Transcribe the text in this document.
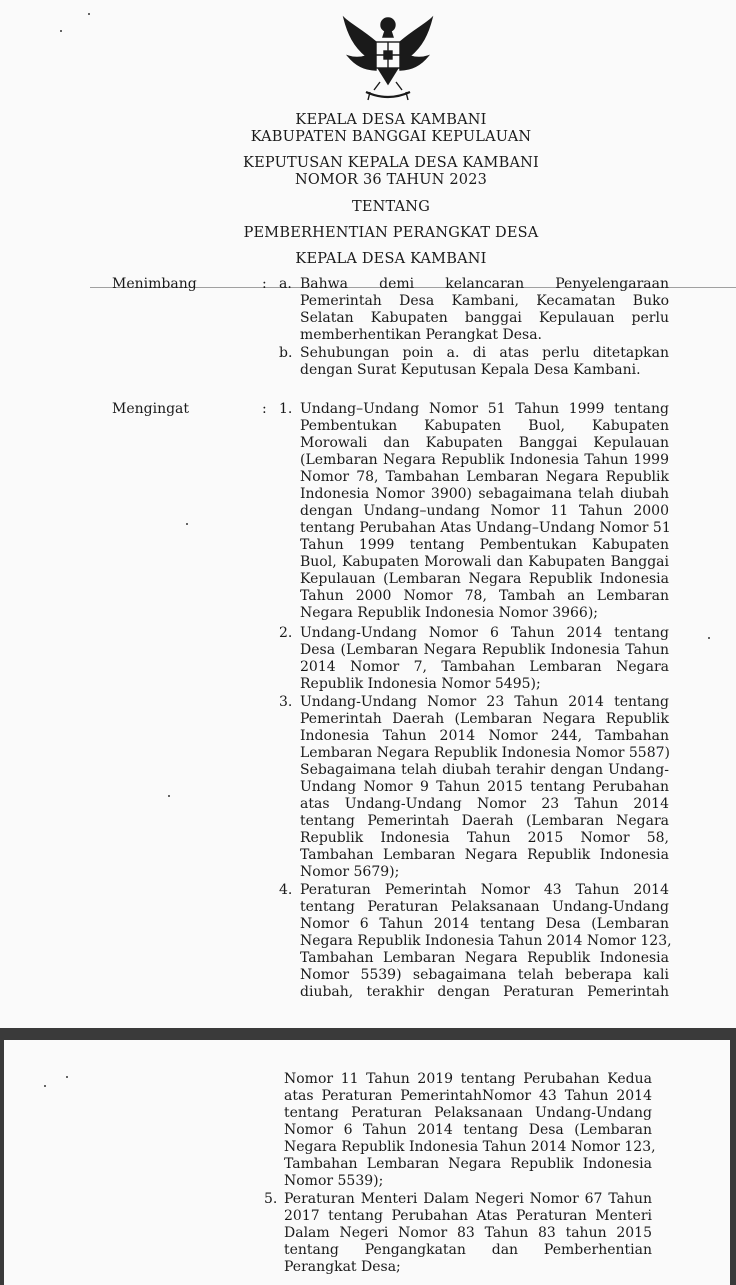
KEPALA DESA KAMBANI
KABUPATEN BANGGAI KEPULAUAN
KEPUTUSAN KEPALA DESA KAMBANI
NOMOR 36 TAHUN 2023
TENTANG
PEMBERHENTIAN PERANGKAT DESA
KEPALA DESA KAMBANI
Menimbang	: a. Bahwa demi kelancaran Penyelengaraan
Pemerintah Desa Kambani, Kecamatan Buko
Selatan Kabupaten banggai Kepulauan perlu
memberhentikan Perangkat Desa.
b. Sehubungan poin a. di atas perlu ditetapkan
dengan Surat Keputusan Kepala Desa Kambani.
Mengingat	: 1. Undang–Undang Nomor 51 Tahun 1999 tentang
Pembentukan Kabupaten Buol, Kabupaten
Morowali dan Kabupaten Banggai Kepulauan
(Lembaran Negara Republik Indonesia Tahun 1999
Nomor 78, Tambahan Lembaran Negara Republik
Indonesia Nomor 3900) sebagaimana telah diubah
dengan Undang–undang Nomor 11 Tahun 2000
tentang Perubahan Atas Undang–Undang Nomor 51
Tahun 1999 tentang Pembentukan Kabupaten
Buol, Kabupaten Morowali dan Kabupaten Banggai
Kepulauan (Lembaran Negara Republik Indonesia
Tahun 2000 Nomor 78, Tambah an Lembaran
Negara Republik Indonesia Nomor 3966);
2. Undang-Undang Nomor 6 Tahun 2014 tentang
Desa (Lembaran Negara Republik Indonesia Tahun
2014 Nomor 7, Tambahan Lembaran Negara
Republik Indonesia Nomor 5495);
3. Undang-Undang Nomor 23 Tahun 2014 tentang
Pemerintah Daerah (Lembaran Negara Republik
Indonesia Tahun 2014 Nomor 244, Tambahan
Lembaran Negara Republik Indonesia Nomor 5587)
Sebagaimana telah diubah terahir dengan Undang-
Undang Nomor 9 Tahun 2015 tentang Perubahan
atas Undang-Undang Nomor 23 Tahun 2014
tentang Pemerintah Daerah (Lembaran Negara
Republik Indonesia Tahun 2015 Nomor 58,
Tambahan Lembaran Negara Republik Indonesia
Nomor 5679);
4. Peraturan Pemerintah Nomor 43 Tahun 2014
tentang Peraturan Pelaksanaan Undang-Undang
Nomor 6 Tahun 2014 tentang Desa (Lembaran
Negara Republik Indonesia Tahun 2014 Nomor 123,
Tambahan Lembaran Negara Republik Indonesia
Nomor 5539) sebagaimana telah beberapa kali
diubah, terakhir dengan Peraturan Pemerintah
Nomor 11 Tahun 2019 tentang Perubahan Kedua
atas Peraturan PemerintahNomor 43 Tahun 2014
tentang Peraturan Pelaksanaan Undang-Undang
Nomor 6 Tahun 2014 tentang Desa (Lembaran
Negara Republik Indonesia Tahun 2014 Nomor 123,
Tambahan Lembaran Negara Republik Indonesia
Nomor 5539);
5. Peraturan Menteri Dalam Negeri Nomor 67 Tahun
2017 tentang Perubahan Atas Peraturan Menteri
Dalam Negeri Nomor 83 Tahun 83 tahun 2015
tentang Pengangkatan dan Pemberhentian
Perangkat Desa;
